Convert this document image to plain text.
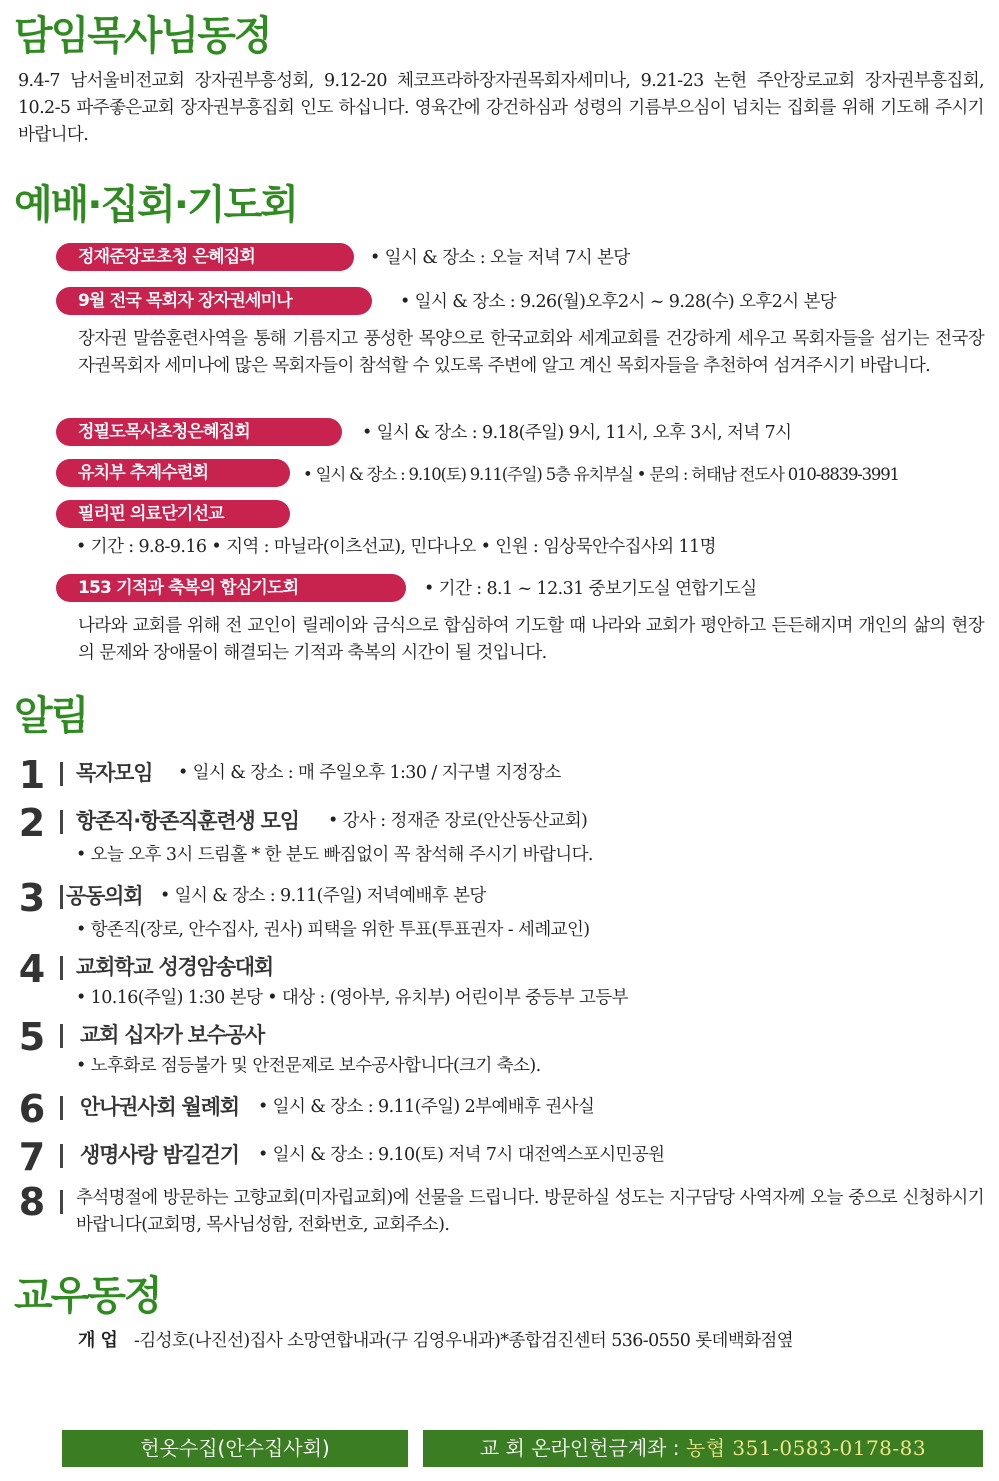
담임목사님동정
9.4-7 남서울비전교회 장자권부흥성회, 9.12-20 체코프라하장자권목회자세미나, 9.21-23 논현 주안장로교회 장자권부흥집회, 10.2-5 파주좋은교회 장자권부흥집회 인도 하십니다. 영육간에 강건하심과 성령의 기름부으심이 넘치는 집회를 위해 기도해 주시기 바랍니다.
예배·집회·기도회
정재준장로초청 은혜집회	• 일시 & 장소 : 오늘 저녁 7시 본당
9월 전국 목회자 장자권세미나	• 일시 & 장소 : 9.26(월)오후2시 ~ 9.28(수) 오후2시 본당
장자권 말씀훈련사역을 통해 기름지고 풍성한 목양으로 한국교회와 세계교회를 건강하게 세우고 목회자들을 섬기는 전국장자권목회자 세미나에 많은 목회자들이 참석할 수 있도록 주변에 알고 계신 목회자들을 추천하여 섬겨주시기 바랍니다.
정필도목사초청은혜집회	• 일시 & 장소 : 9.18(주일) 9시, 11시, 오후 3시, 저녁 7시
유치부 추계수련회	• 일시 & 장소 : 9.10(토) 9.11(주일) 5층 유치부실 • 문의 : 허태남 전도사 010-8839-3991
필리핀 의료단기선교
• 기간 : 9.8-9.16 • 지역 : 마닐라(이츠선교), 민다나오 • 인원 : 임상묵안수집사외 11명
153 기적과 축복의 합심기도회	• 기간 : 8.1 ~ 12.31 중보기도실 연합기도실
나라와 교회를 위해 전 교인이 릴레이와 금식으로 합심하여 기도할 때 나라와 교회가 평안하고 든든해지며 개인의 삶의 현장의 문제와 장애물이 해결되는 기적과 축복의 시간이 될 것입니다.
알림
1 목자모임 • 일시 & 장소 : 매 주일오후 1:30 / 지구별 지정장소
2 항존직·항존직훈련생 모임 • 강사 : 정재준 장로(안산동산교회)
• 오늘 오후 3시 드림홀 * 한 분도 빠짐없이 꼭 참석해 주시기 바랍니다.
3 공동의회 • 일시 & 장소 : 9.11(주일) 저녁예배후 본당
• 항존직(장로, 안수집사, 권사) 피택을 위한 투표(투표권자 - 세례교인)
4 교회학교 성경암송대회
• 10.16(주일) 1:30 본당 • 대상 : (영아부, 유치부) 어린이부 중등부 고등부
5 교회 십자가 보수공사
• 노후화로 점등불가 및 안전문제로 보수공사합니다(크기 축소).
6 안나권사회 월례회 • 일시 & 장소 : 9.11(주일) 2부예배후 권사실
7 생명사랑 밤길걷기 • 일시 & 장소 : 9.10(토) 저녁 7시 대전엑스포시민공원
8 추석명절에 방문하는 고향교회(미자립교회)에 선물을 드립니다. 방문하실 성도는 지구담당 사역자께 오늘 중으로 신청하시기 바랍니다(교회명, 목사님성함, 전화번호, 교회주소).
교우동정
개 업 -김성호(나진선)집사 소망연합내과(구 김영우내과)*종합검진센터 536-0550 롯데백화점옆
헌옷수집(안수집사회)	교 회 온라인헌금계좌 : 농협 351-0583-0178-83
